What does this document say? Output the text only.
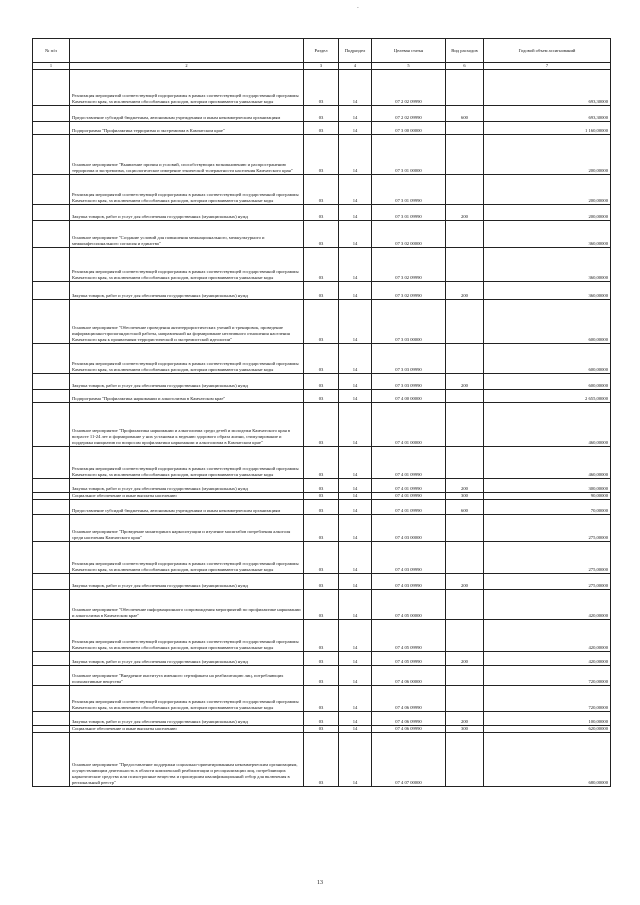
-
№ п/п		Раздел	Подраздел	Целевая статья	Вид расходов	Годовой объем ассигнований
1	2	3	4	5	6	7
	Реализация мероприятий соответствующей подпрограммы в рамках соответствующей государственной программы Камчатского края, за исключением обособленных расходов, которым присваиваются уникальные коды	03	14	07 2 02 09990		693,30000
	Предоставление субсидий бюджетным, автономным учреждениям и иным некоммерческим организациям	03	14	07 2 02 09990	600	693,30000
	Подпрограмма "Профилактика терроризма и экстремизма в Камчатском крае"	03	14	07 3 00 00000		1 160,00000
	Основное мероприятие "Выявление причин и условий, способствующих возникновению и распространению терроризма и экстремизма, социологическое измерение этнической толерантности населения Камчатского края"	03	14	07 3 01 00000		200,00000
	Реализация мероприятий соответствующей подпрограммы в рамках соответствующей государственной программы Камчатского края, за исключением обособленных расходов, которым присваиваются уникальные коды	03	14	07 3 01 09990		200,00000
	Закупка товаров, работ и услуг для обеспечения государственных (муниципальных) нужд	03	14	07 3 01 09990	200	200,00000
	Основное мероприятие "Создание условий для повышения межнационального, межкультурного и межконфессионального согласия и единства"	03	14	07 3 02 00000		360,00000
	Реализация мероприятий соответствующей подпрограммы в рамках соответствующей государственной программы Камчатского края, за исключением обособленных расходов, которым присваиваются уникальные коды	03	14	07 3 02 09990		360,00000
	Закупка товаров, работ и услуг для обеспечения государственных (муниципальных) нужд	03	14	07 3 02 09990	200	360,00000
	Основное мероприятие "Обеспечение проведения антитеррористических учений и тренировок, проведение информационно-пропагандистской работы, направленной на формирование негативного отношения населения Камчатского края к проявлениям террористической и экстремистской идеологии"	03	14	07 3 03 00000		600,00000
	Реализация мероприятий соответствующей подпрограммы в рамках соответствующей государственной программы Камчатского края, за исключением обособленных расходов, которым присваиваются уникальные коды	03	14	07 3 03 09990		600,00000
	Закупка товаров, работ и услуг для обеспечения государственных (муниципальных) нужд	03	14	07 3 03 09990	200	600,00000
	Подпрограмма "Профилактика наркомании и алкоголизма в Камчатском крае"	03	14	07 4 00 00000		2 655,00000
	Основное мероприятие "Профилактика наркомании и алкоголизма среди детей и молодежи Камчатского края в возрасте 11-24 лет и формирование у них установки к ведению здорового образа жизни, стимулирование и поддержка инициатив по вопросам профилактики наркомании и алкоголизма в Камчатском крае"	03	14	07 4 01 00000		460,00000
	Реализация мероприятий соответствующей подпрограммы в рамках соответствующей государственной программы Камчатского края, за исключением обособленных расходов, которым присваиваются уникальные коды	03	14	07 4 01 09990		460,00000
	Закупка товаров, работ и услуг для обеспечения государственных (муниципальных) нужд	03	14	07 4 01 09990	200	300,00000
	Социальное обеспечение и иные выплаты населению	03	14	07 4 01 09990	300	90,00000
	Предоставление субсидий бюджетным, автономным учреждениям и иным некоммерческим организациям	03	14	07 4 01 09990	600	70,00000
	Основное мероприятие "Проведение мониторинга наркоситуации и изучение масштабов потребления алкоголя среди населения Камчатского края"	03	14	07 4 03 00000		275,00000
	Реализация мероприятий соответствующей подпрограммы в рамках соответствующей государственной программы Камчатского края, за исключением обособленных расходов, которым присваиваются уникальные коды	03	14	07 4 03 09990		275,00000
	Закупка товаров, работ и услуг для обеспечения государственных (муниципальных) нужд	03	14	07 4 03 09990	200	275,00000
	Основное мероприятие "Обеспечение информационного сопровождения мероприятий по профилактике наркомании и алкоголизма в Камчатском крае"	03	14	07 4 05 00000		420,00000
	Реализация мероприятий соответствующей подпрограммы в рамках соответствующей государственной программы Камчатского края, за исключением обособленных расходов, которым присваиваются уникальные коды	03	14	07 4 05 09990		420,00000
	Закупка товаров, работ и услуг для обеспечения государственных (муниципальных) нужд	03	14	07 4 05 09990	200	420,00000
	Основное мероприятие "Внедрение института именного сертификата на реабилитацию лиц, потребляющих психоактивные вещества"	03	14	07 4 06 00000		720,00000
	Реализация мероприятий соответствующей подпрограммы в рамках соответствующей государственной программы Камчатского края, за исключением обособленных расходов, которым присваиваются уникальные коды	03	14	07 4 06 09990		720,00000
	Закупка товаров, работ и услуг для обеспечения государственных (муниципальных) нужд	03	14	07 4 06 09990	200	100,00000
	Социальное обеспечение и иные выплаты населению	03	14	07 4 06 09990	300	620,00000
	Основное мероприятие "Предоставление поддержки социально-ориентированным некоммерческим организациям, осуществляющим деятельность в области комплексной реабилитации и ресоциализации лиц, потребляющих наркотические средства или психотропные вещества и прошедшим квалификационный отбор для включения в региональный реестр"	03	14	07 4 07 00000		680,00000
13
